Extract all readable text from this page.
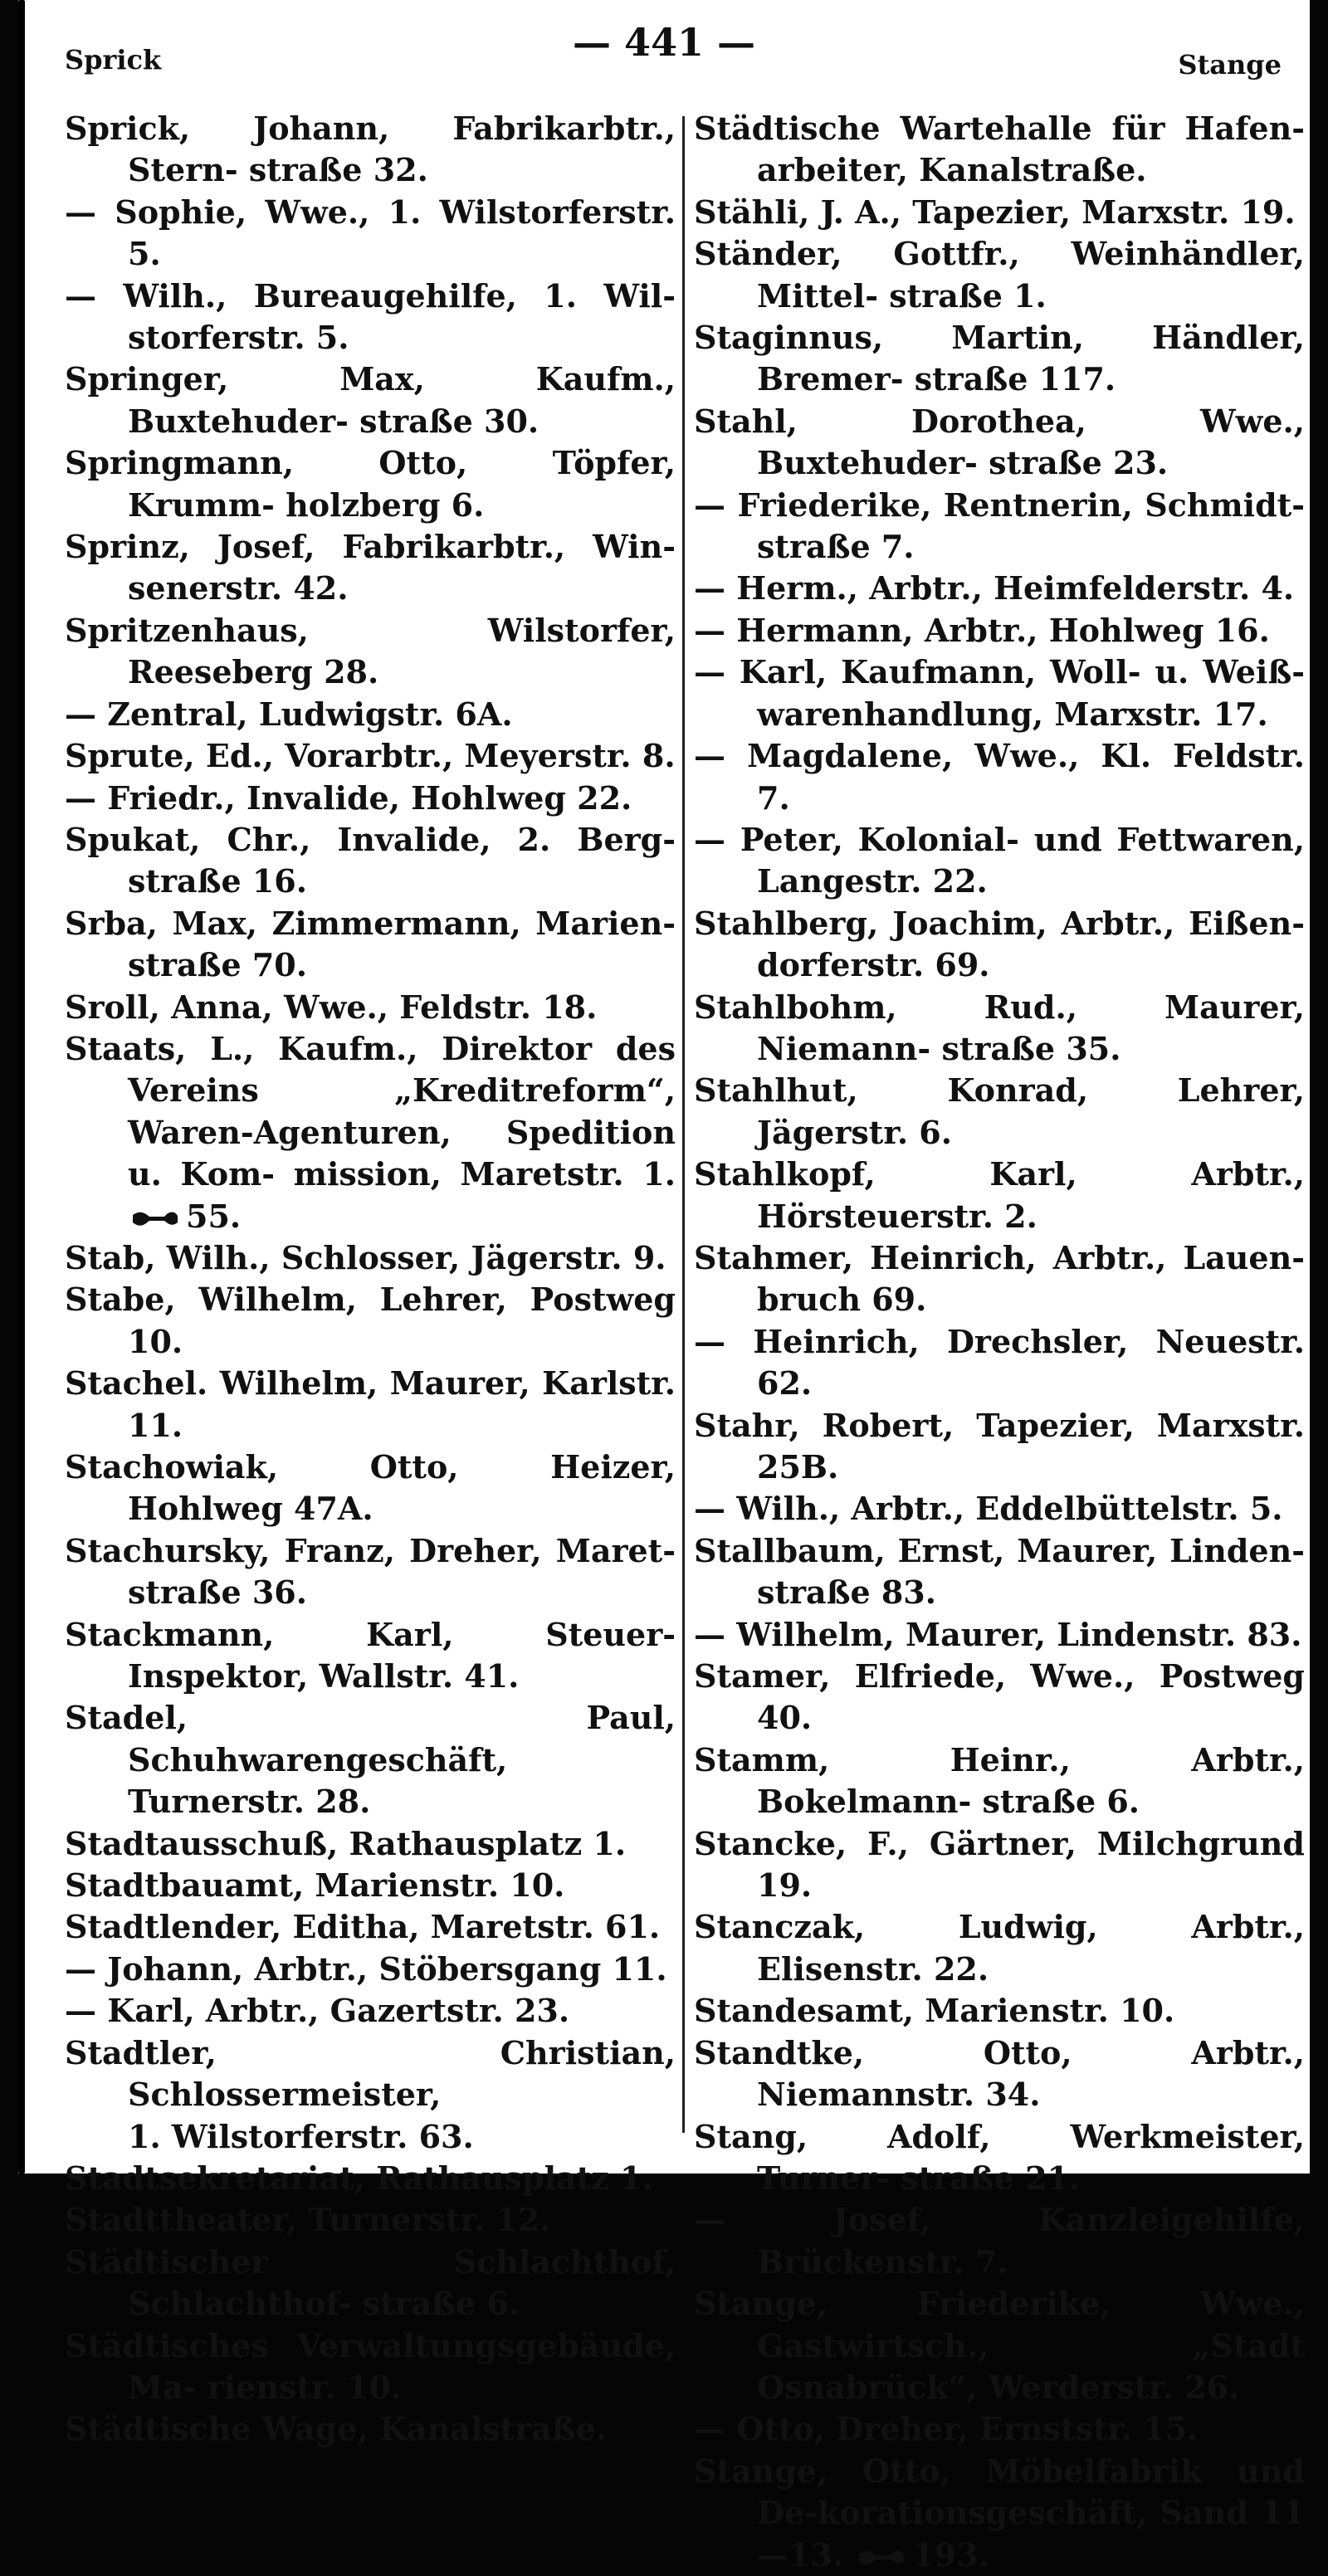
Sprick	— 441 —	Stange
Sprick, Johann, Fabrikarbtr., Stern- straße 32.
— Sophie, Wwe., 1. Wilstorferstr. 5.
— Wilh., Bureaugehilfe, 1. Wil- storferstr. 5.
Springer, Max, Kaufm., Buxtehuder- straße 30.
Springmann, Otto, Töpfer, Krumm- holzberg 6.
Sprinz, Josef, Fabrikarbtr., Win- senerstr. 42.
Spritzenhaus, Wilstorfer, Reeseberg 28.
— Zentral, Ludwigstr. 6A.
Sprute, Ed., Vorarbtr., Meyerstr. 8.
— Friedr., Invalide, Hohlweg 22.
Spukat, Chr., Invalide, 2. Berg- straße 16.
Srba, Max, Zimmermann, Marien- straße 70.
Sroll, Anna, Wwe., Feldstr. 18.
Staats, L., Kaufm., Direktor des Vereins „Kreditreform“, Waren-Agenturen, Spedition u. Kom- mission, Maretstr. 1. 55.
Stab, Wilh., Schlosser, Jägerstr. 9.
Stabe, Wilhelm, Lehrer, Postweg 10.
Stachel. Wilhelm, Maurer, Karlstr. 11.
Stachowiak, Otto, Heizer, Hohlweg 47A.
Stachursky, Franz, Dreher, Maret- straße 36.
Stackmann, Karl, Steuer-Inspektor, Wallstr. 41.
Stadel, Paul, Schuhwarengeschäft, Turnerstr. 28.
Stadtausschuß, Rathausplatz 1.
Stadtbauamt, Marienstr. 10.
Stadtlender, Editha, Maretstr. 61.
— Johann, Arbtr., Stöbersgang 11.
— Karl, Arbtr., Gazertstr. 23.
Stadtler, Christian, Schlossermeister, 1. Wilstorferstr. 63.
Stadtsekretariat, Rathausplatz 1.
Stadttheater, Turnerstr. 12.
Städtischer Schlachthof, Schlachthof- straße 6.
Städtisches Verwaltungsgebäude, Ma- rienstr. 10.
Städtische Wage, Kanalstraße.
Städtische Wartehalle für Hafen- arbeiter, Kanalstraße.
Stähli, J. A., Tapezier, Marxstr. 19.
Ständer, Gottfr., Weinhändler, Mittel- straße 1.
Staginnus, Martin, Händler, Bremer- straße 117.
Stahl, Dorothea, Wwe., Buxtehuder- straße 23.
— Friederike, Rentnerin, Schmidt- straße 7.
— Herm., Arbtr., Heimfelderstr. 4.
— Hermann, Arbtr., Hohlweg 16.
— Karl, Kaufmann, Woll- u. Weiß- warenhandlung, Marxstr. 17.
— Magdalene, Wwe., Kl. Feldstr. 7.
— Peter, Kolonial- und Fettwaren, Langestr. 22.
Stahlberg, Joachim, Arbtr., Eißen- dorferstr. 69.
Stahlbohm, Rud., Maurer, Niemann- straße 35.
Stahlhut, Konrad, Lehrer, Jägerstr. 6.
Stahlkopf, Karl, Arbtr., Hörsteuerstr. 2.
Stahmer, Heinrich, Arbtr., Lauen- bruch 69.
— Heinrich, Drechsler, Neuestr. 62.
Stahr, Robert, Tapezier, Marxstr. 25B.
— Wilh., Arbtr., Eddelbüttelstr. 5.
Stallbaum, Ernst, Maurer, Linden- straße 83.
— Wilhelm, Maurer, Lindenstr. 83.
Stamer, Elfriede, Wwe., Postweg 40.
Stamm, Heinr., Arbtr., Bokelmann- straße 6.
Stancke, F., Gärtner, Milchgrund 19.
Stanczak, Ludwig, Arbtr., Elisenstr. 22.
Standesamt, Marienstr. 10.
Standtke, Otto, Arbtr., Niemannstr. 34.
Stang, Adolf, Werkmeister, Turner- straße 21.
— Josef, Kanzleigehilfe, Brückenstr. 7.
Stange, Friederike, Wwe., Gastwirtsch., „Stadt Osnabrück“, Werderstr. 26.
— Otto, Dreher, Ernststr. 15.
Stange, Otto, Möbelfabrik und De-korationsgeschäft, Sand 11—13. 193.
